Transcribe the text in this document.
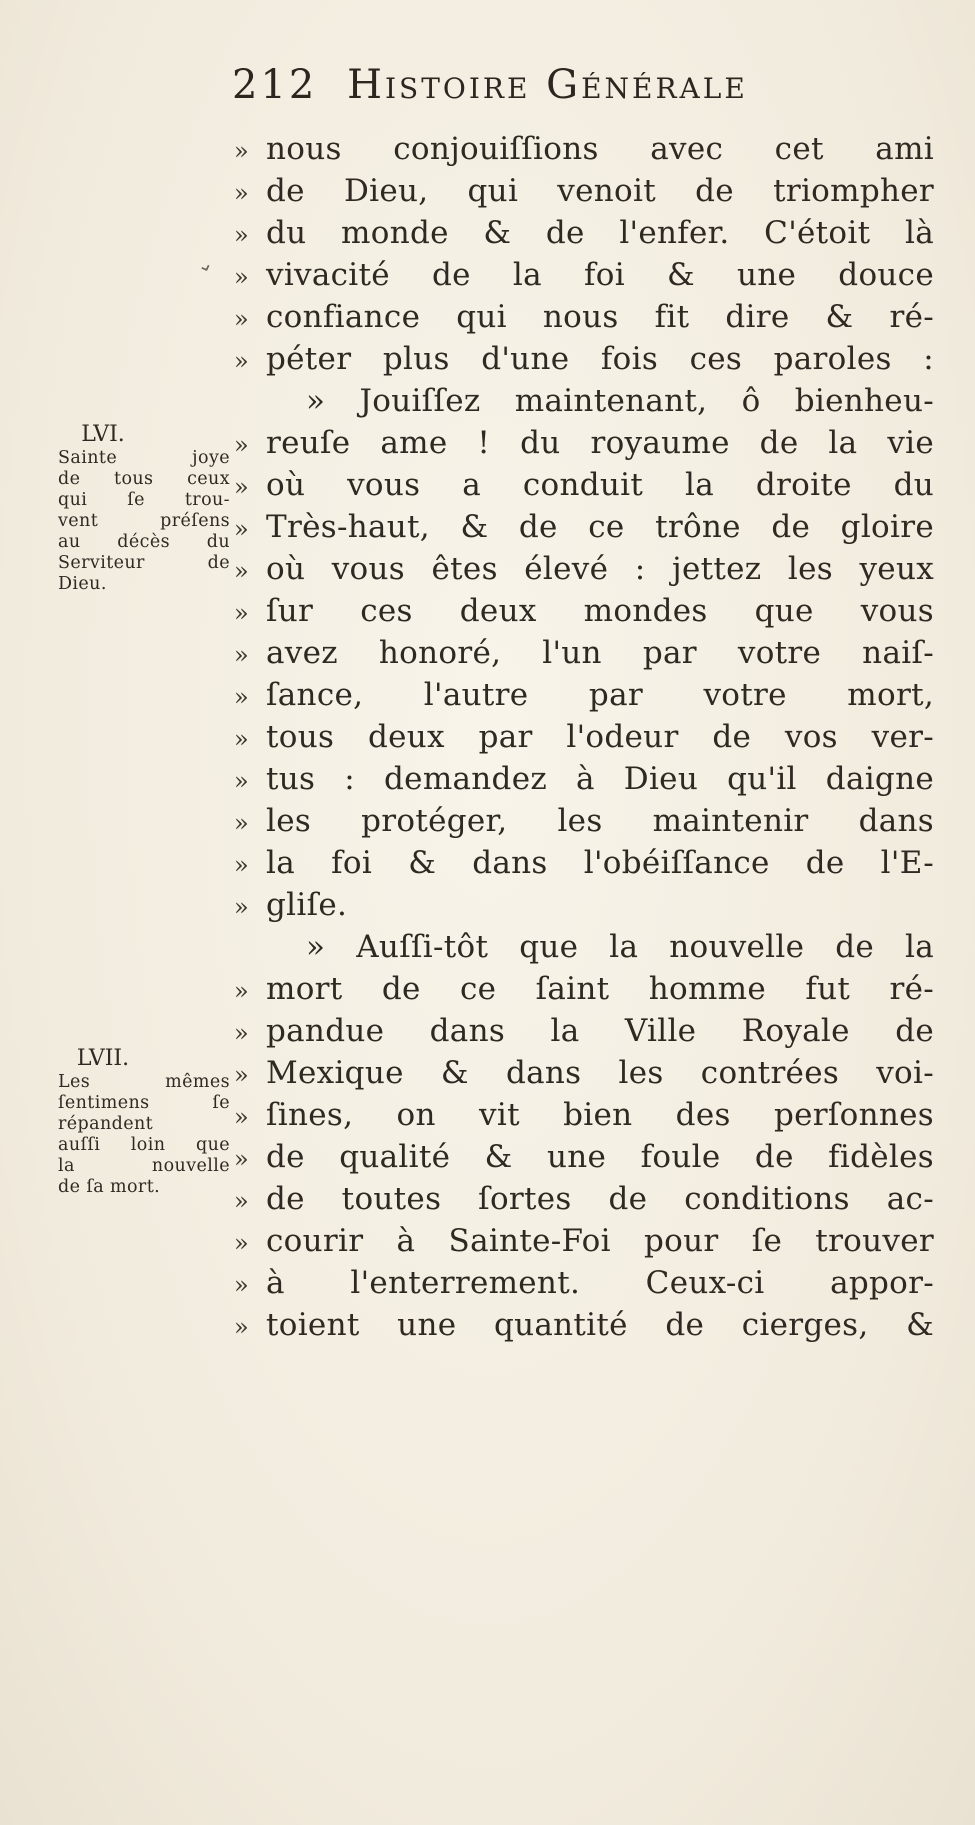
212 Histoire Générale
⌄
» nous conjouiſſions avec cet ami
» de Dieu, qui venoit de triompher
» du monde & de l'enfer. C'étoit là
» vivacité de la foi & une douce
» confiance qui nous fit dire & ré-
» péter plus d'une fois ces paroles :
» Jouiſſez maintenant, ô bienheu-
» reuſe ame ! du royaume de la vie
» où vous a conduit la droite du
» Très-haut, & de ce trône de gloire
» où vous êtes élevé : jettez les yeux
» ſur ces deux mondes que vous
» avez honoré, l'un par votre naiſ-
» ſance, l'autre par votre mort,
» tous deux par l'odeur de vos ver-
» tus : demandez à Dieu qu'il daigne
» les protéger, les maintenir dans
» la foi & dans l'obéiſſance de l'E-
» gliſe.
» Auſſi-tôt que la nouvelle de la
» mort de ce ſaint homme fut ré-
» pandue dans la Ville Royale de
» Mexique & dans les contrées voi-
» ſines, on vit bien des perſonnes
» de qualité & une foule de fidèles
» de toutes ſortes de conditions ac-
» courir à Sainte-Foi pour ſe trouver
» à l'enterrement. Ceux-ci appor-
» toient une quantité de cierges, &
LVI.
Sainte joye
de tous ceux
qui ſe trou-
vent préſens
au décès du
Serviteur de
Dieu.
LVII.
Les mêmes
ſentimens ſe
répandent
auſſi loin que
la nouvelle
de ſa mort.
